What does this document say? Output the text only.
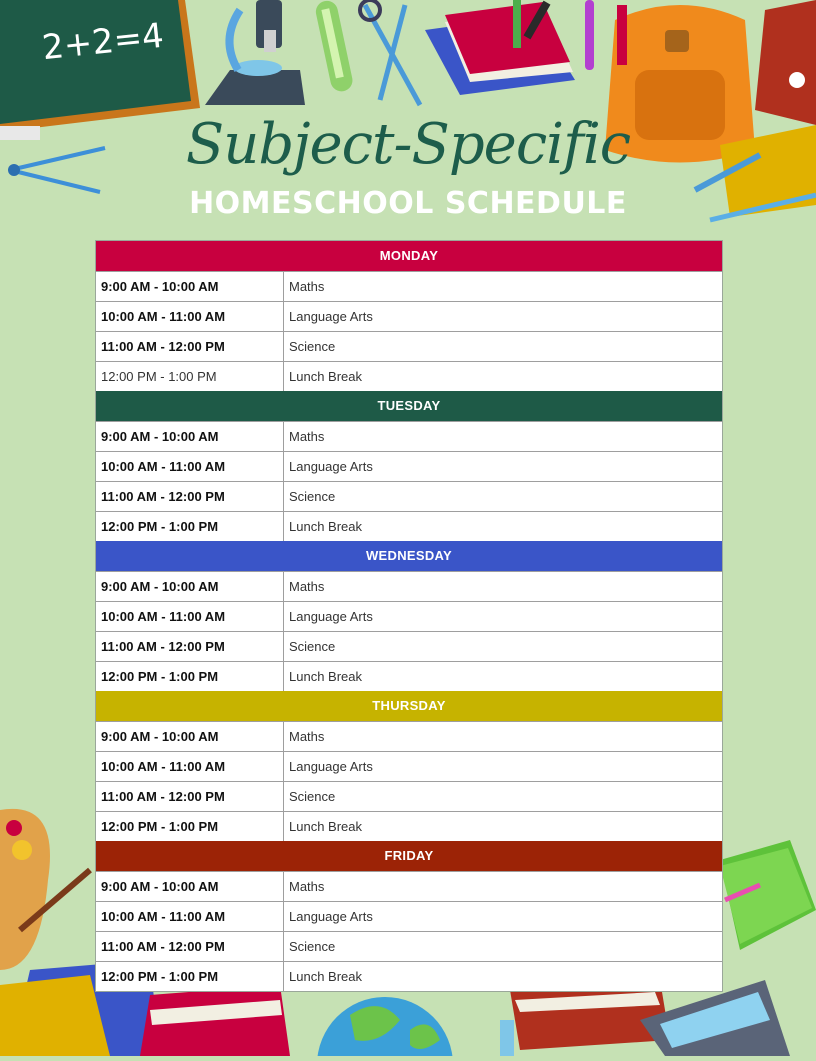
2+2=4
Subject-Specific
HOMESCHOOL SCHEDULE
MONDAY
9:00 AM - 10:00 AM	Maths
10:00 AM - 11:00 AM	Language Arts
11:00 AM - 12:00 PM	Science
12:00 PM - 1:00 PM	Lunch Break
TUESDAY
9:00 AM - 10:00 AM	Maths
10:00 AM - 11:00 AM	Language Arts
11:00 AM - 12:00 PM	Science
12:00 PM - 1:00 PM	Lunch Break
WEDNESDAY
9:00 AM - 10:00 AM	Maths
10:00 AM - 11:00 AM	Language Arts
11:00 AM - 12:00 PM	Science
12:00 PM - 1:00 PM	Lunch Break
THURSDAY
9:00 AM - 10:00 AM	Maths
10:00 AM - 11:00 AM	Language Arts
11:00 AM - 12:00 PM	Science
12:00 PM - 1:00 PM	Lunch Break
FRIDAY
9:00 AM - 10:00 AM	Maths
10:00 AM - 11:00 AM	Language Arts
11:00 AM - 12:00 PM	Science
12:00 PM - 1:00 PM	Lunch Break
